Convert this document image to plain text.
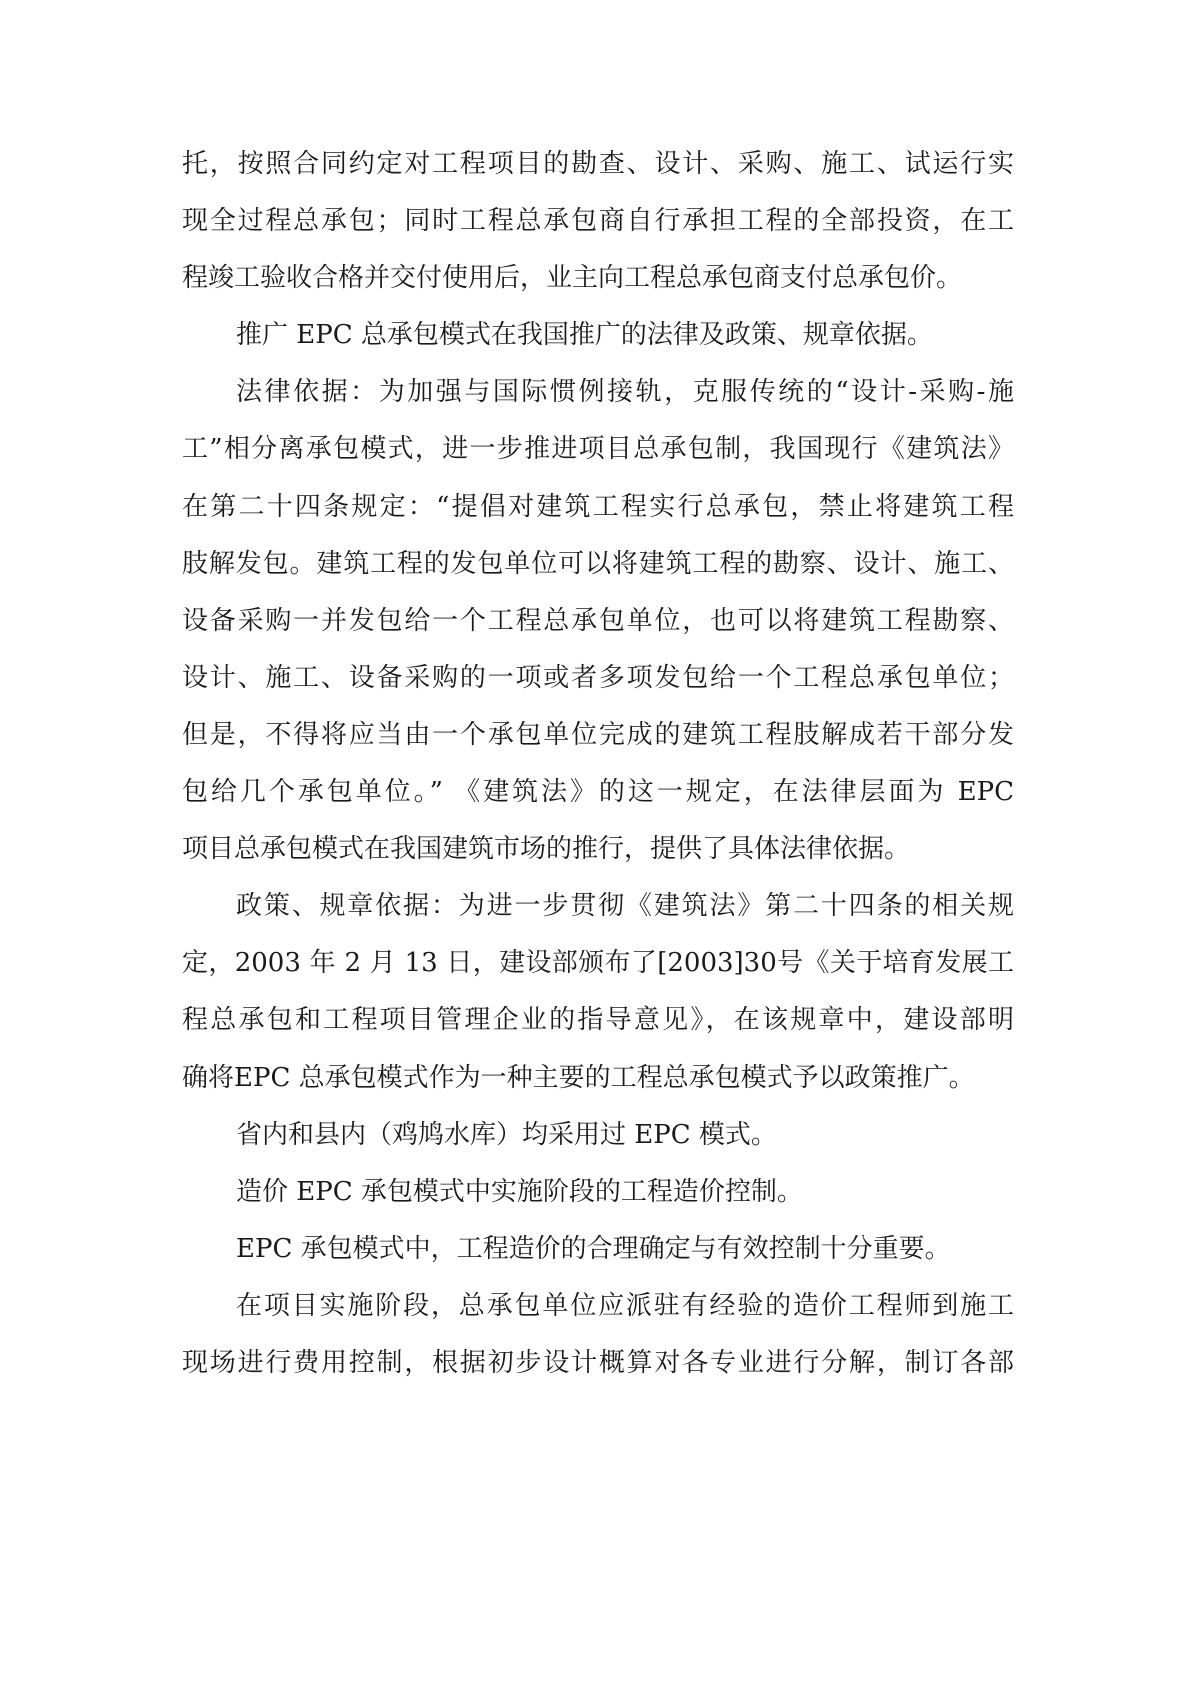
托，按照合同约定对工程项目的勘查、设计、采购、施工、试运行实
现全过程总承包；同时工程总承包商自行承担工程的全部投资，在工
程竣工验收合格并交付使用后，业主向工程总承包商支付总承包价。
推广 EPC 总承包模式在我国推广的法律及政策、规章依据。
法律依据：为加强与国际惯例接轨，克服传统的“设计-采购-施
工”相分离承包模式，进一步推进项目总承包制，我国现行《建筑法》
在第二十四条规定：“提倡对建筑工程实行总承包，禁止将建筑工程
肢解发包。建筑工程的发包单位可以将建筑工程的勘察、设计、施工、
设备采购一并发包给一个工程总承包单位，也可以将建筑工程勘察、
设计、施工、设备采购的一项或者多项发包给一个工程总承包单位；
但是，不得将应当由一个承包单位完成的建筑工程肢解成若干部分发
包给几个承包单位。” 《建筑法》的这一规定，在法律层面为 EPC
项目总承包模式在我国建筑市场的推行，提供了具体法律依据。
政策、规章依据：为进一步贯彻《建筑法》第二十四条的相关规
定，2003 年 2 月 13 日，建设部颁布了[2003]30号《关于培育发展工
程总承包和工程项目管理企业的指导意见》，在该规章中，建设部明
确将EPC 总承包模式作为一种主要的工程总承包模式予以政策推广。
省内和县内（鸡鸠水库）均采用过 EPC 模式。
造价 EPC 承包模式中实施阶段的工程造价控制。
EPC 承包模式中，工程造价的合理确定与有效控制十分重要。
在项目实施阶段，总承包单位应派驻有经验的造价工程师到施工
现场进行费用控制，根据初步设计概算对各专业进行分解，制订各部
